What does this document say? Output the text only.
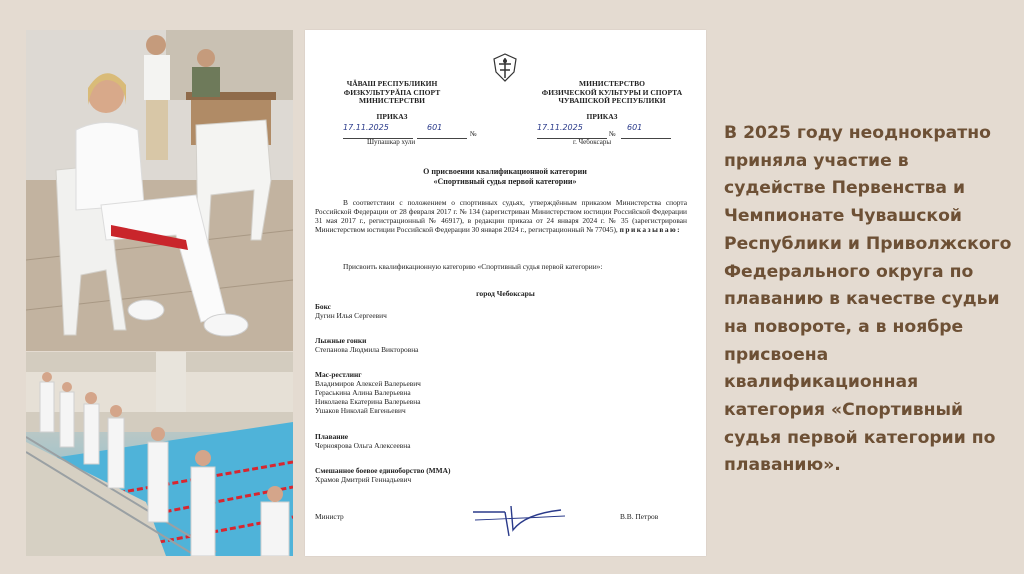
ЧĂВАШ РЕСПУБЛИКИН
ФИЗКУЛЬТУРĂПА СПОРТ
МИНИСТЕРСТВИ
МИНИСТЕРСТВО
ФИЗИЧЕСКОЙ КУЛЬТУРЫ И СПОРТА
ЧУВАШСКОЙ РЕСПУБЛИКИ
ПРИКАЗ	ПРИКАЗ
17.11.2025	601
№	№
17.11.2025	601
Шупашкар хули	г. Чебоксары
О присвоении квалификационной категории
«Спортивный судья первой категории»
В соответствии с положением о спортивных судьях, утверждённым приказом Министерства спорта Российской Федерации от 28 февраля 2017 г. № 134 (зарегистриван Министерством юстиции Российской Федерации 31 мая 2017 г., регистрационный № 46917), в редакции приказа от 24 января 2024 г. № 35 (зарегистрирован Министерством юстиции Российской Федерации 30 января 2024 г., регистрационный № 77045), приказываю:
Присвоить квалификационную категорию «Спортивный судья первой категории»:
город Чебоксары
Бокс
Дугин Илья Сергеевич
Лыжные гонки
Степанова Людмила Викторовна
Мас-рестлинг
Владимиров Алексей Валерьевич
Гераськина Алина Валерьевна
Николаева Екатерина Валерьевна
Ушаков Николай Евгеньевич
Плавание
Черноярова Ольга Алексеевна
Смешанное боевое единоборство (ММА)
Храмов Дмитрий Геннадьевич
Министр	В.В. Петров
В 2025 году неоднократно приняла участие в судействе Первенства и Чемпионате Чувашской Республики и Приволжского Федерального округа по плаванию в качестве судьи на повороте, а в ноябре присвоена квалификационная категория «Спортивный судья первой категории по плаванию».
